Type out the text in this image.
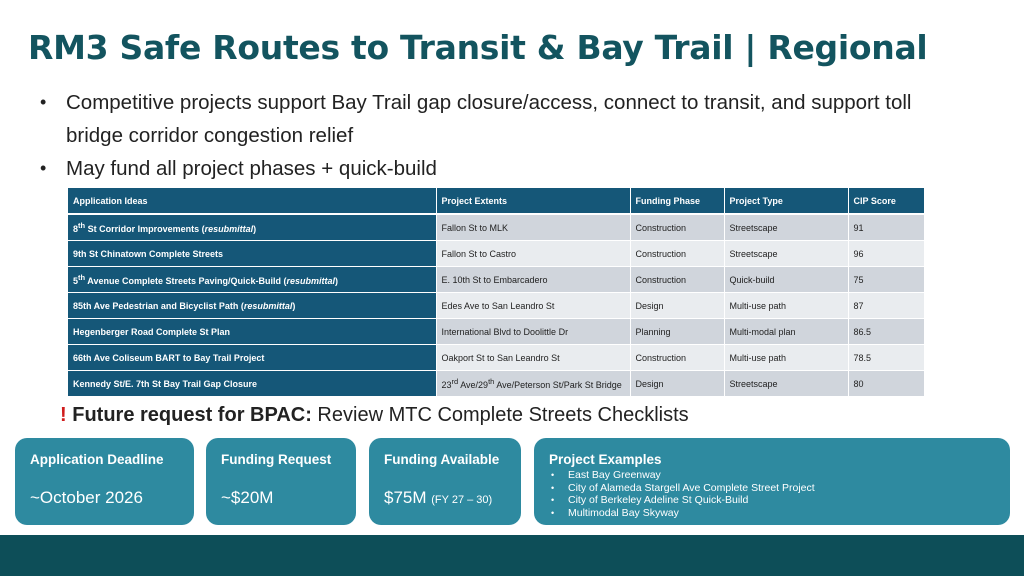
RM3 Safe Routes to Transit & Bay Trail | Regional
• Competitive projects support Bay Trail gap closure/access, connect to transit, and support toll bridge corridor congestion relief
• May fund all project phases + quick-build
Application Ideas	Project Extents	Funding Phase	Project Type	CIP Score
8th St Corridor Improvements (resubmittal)	Fallon St to MLK	Construction	Streetscape	91
9th St Chinatown Complete Streets	Fallon St to Castro	Construction	Streetscape	96
5th Avenue Complete Streets Paving/Quick-Build (resubmittal)	E. 10th St to Embarcadero	Construction	Quick-build	75
85th Ave Pedestrian and Bicyclist Path (resubmittal)	Edes Ave to San Leandro St	Design	Multi-use path	87
Hegenberger Road Complete St Plan	International Blvd to Doolittle Dr	Planning	Multi-modal plan	86.5
66th Ave Coliseum BART to Bay Trail Project	Oakport St to San Leandro St	Construction	Multi-use path	78.5
Kennedy St/E. 7th St Bay Trail Gap Closure	23rd Ave/29th Ave/Peterson St/Park St Bridge	Design	Streetscape	80
! Future request for BPAC: Review MTC Complete Streets Checklists
Application Deadline
~October 2026
Funding Request
~$20M
Funding Available
$75M (FY 27 – 30)
Project Examples
• East Bay Greenway
• City of Alameda Stargell Ave Complete Street Project
• City of Berkeley Adeline St Quick-Build
• Multimodal Bay Skyway
